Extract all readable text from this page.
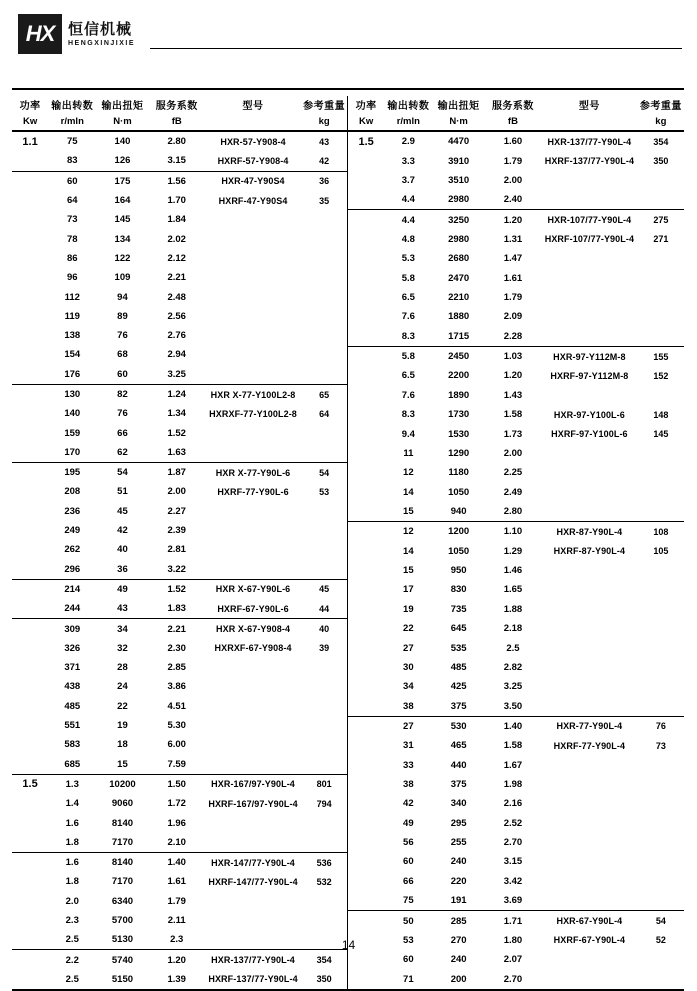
HX 恒信机械
HENGXINJIXIE
功率	输出转数	输出扭矩	服务系数	型号	参考重量
Kw	r/mln	N·m	fB		kg
1.1	75	140	2.80	HXR-57-Y908-4	43
	83	126	3.15	HXRF-57-Y908-4	42
	60	175	1.56	HXR-47-Y90S4	36
	64	164	1.70	HXRF-47-Y90S4	35
	73	145	1.84		
	78	134	2.02		
	86	122	2.12		
	96	109	2.21		
	112	94	2.48		
	119	89	2.56		
	138	76	2.76		
	154	68	2.94		
	176	60	3.25		
	130	82	1.24	HXR X-77-Y100L2-8	65
	140	76	1.34	HXRXF-77-Y100L2-8	64
	159	66	1.52		
	170	62	1.63		
	195	54	1.87	HXR X-77-Y90L-6	54
	208	51	2.00	HXRF-77-Y90L-6	53
	236	45	2.27		
	249	42	2.39		
	262	40	2.81		
	296	36	3.22		
	214	49	1.52	HXR X-67-Y90L-6	45
	244	43	1.83	HXRF-67-Y90L-6	44
	309	34	2.21	HXR X-67-Y908-4	40
	326	32	2.30	HXRXF-67-Y908-4	39
	371	28	2.85		
	438	24	3.86		
	485	22	4.51		
	551	19	5.30		
	583	18	6.00		
	685	15	7.59		
1.5	1.3	10200	1.50	HXR-167/97-Y90L-4	801
	1.4	9060	1.72	HXRF-167/97-Y90L-4	794
	1.6	8140	1.96		
	1.8	7170	2.10		
	1.6	8140	1.40	HXR-147/77-Y90L-4	536
	1.8	7170	1.61	HXRF-147/77-Y90L-4	532
	2.0	6340	1.79		
	2.3	5700	2.11		
	2.5	5130	2.3		
	2.2	5740	1.20	HXR-137/77-Y90L-4	354
	2.5	5150	1.39	HXRF-137/77-Y90L-4	350
功率	输出转数	输出扭矩	服务系数	型号	参考重量
Kw	r/mln	N·m	fB		kg
1.5	2.9	4470	1.60	HXR-137/77-Y90L-4	354
	3.3	3910	1.79	HXRF-137/77-Y90L-4	350
	3.7	3510	2.00		
	4.4	2980	2.40		
	4.4	3250	1.20	HXR-107/77-Y90L-4	275
	4.8	2980	1.31	HXRF-107/77-Y90L-4	271
	5.3	2680	1.47		
	5.8	2470	1.61		
	6.5	2210	1.79		
	7.6	1880	2.09		
	8.3	1715	2.28		
	5.8	2450	1.03	HXR-97-Y112M-8	155
	6.5	2200	1.20	HXRF-97-Y112M-8	152
	7.6	1890	1.43		
	8.3	1730	1.58	HXR-97-Y100L-6	148
	9.4	1530	1.73	HXRF-97-Y100L-6	145
	11	1290	2.00		
	12	1180	2.25		
	14	1050	2.49		
	15	940	2.80		
	12	1200	1.10	HXR-87-Y90L-4	108
	14	1050	1.29	HXRF-87-Y90L-4	105
	15	950	1.46		
	17	830	1.65		
	19	735	1.88		
	22	645	2.18		
	27	535	2.5		
	30	485	2.82		
	34	425	3.25		
	38	375	3.50		
	27	530	1.40	HXR-77-Y90L-4	76
	31	465	1.58	HXRF-77-Y90L-4	73
	33	440	1.67		
	38	375	1.98		
	42	340	2.16		
	49	295	2.52		
	56	255	2.70		
	60	240	3.15		
	66	220	3.42		
	75	191	3.69		
	50	285	1.71	HXR-67-Y90L-4	54
	53	270	1.80	HXRF-67-Y90L-4	52
	60	240	2.07		
	71	200	2.70		
14
